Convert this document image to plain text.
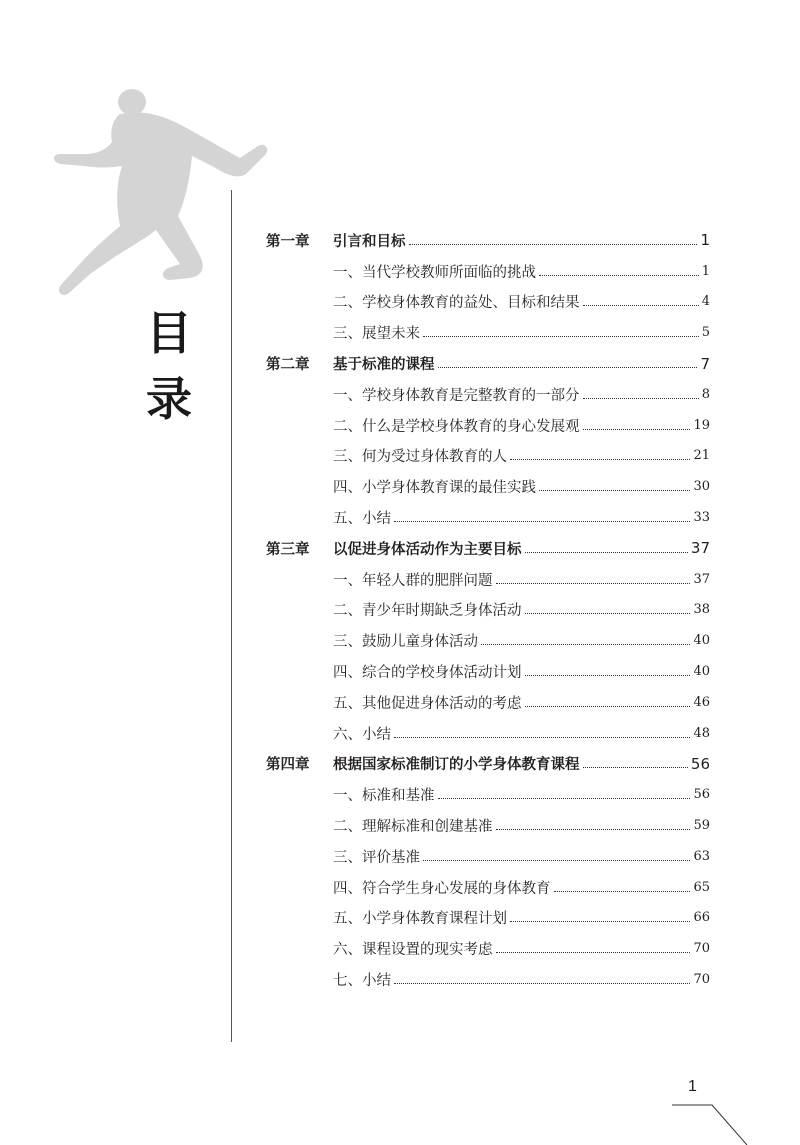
目
录
第一章	引言和目标	1
一、当代学校教师所面临的挑战	1
二、学校身体教育的益处、目标和结果	4
三、展望未来	5
第二章	基于标准的课程	7
一、学校身体教育是完整教育的一部分	8
二、什么是学校身体教育的身心发展观	19
三、何为受过身体教育的人	21
四、小学身体教育课的最佳实践	30
五、小结	33
第三章	以促进身体活动作为主要目标	37
一、年轻人群的肥胖问题	37
二、青少年时期缺乏身体活动	38
三、鼓励儿童身体活动	40
四、综合的学校身体活动计划	40
五、其他促进身体活动的考虑	46
六、小结	48
第四章	根据国家标准制订的小学身体教育课程	56
一、标准和基准	56
二、理解标准和创建基准	59
三、评价基准	63
四、符合学生身心发展的身体教育	65
五、小学身体教育课程计划	66
六、课程设置的现实考虑	70
七、小结	70
1
